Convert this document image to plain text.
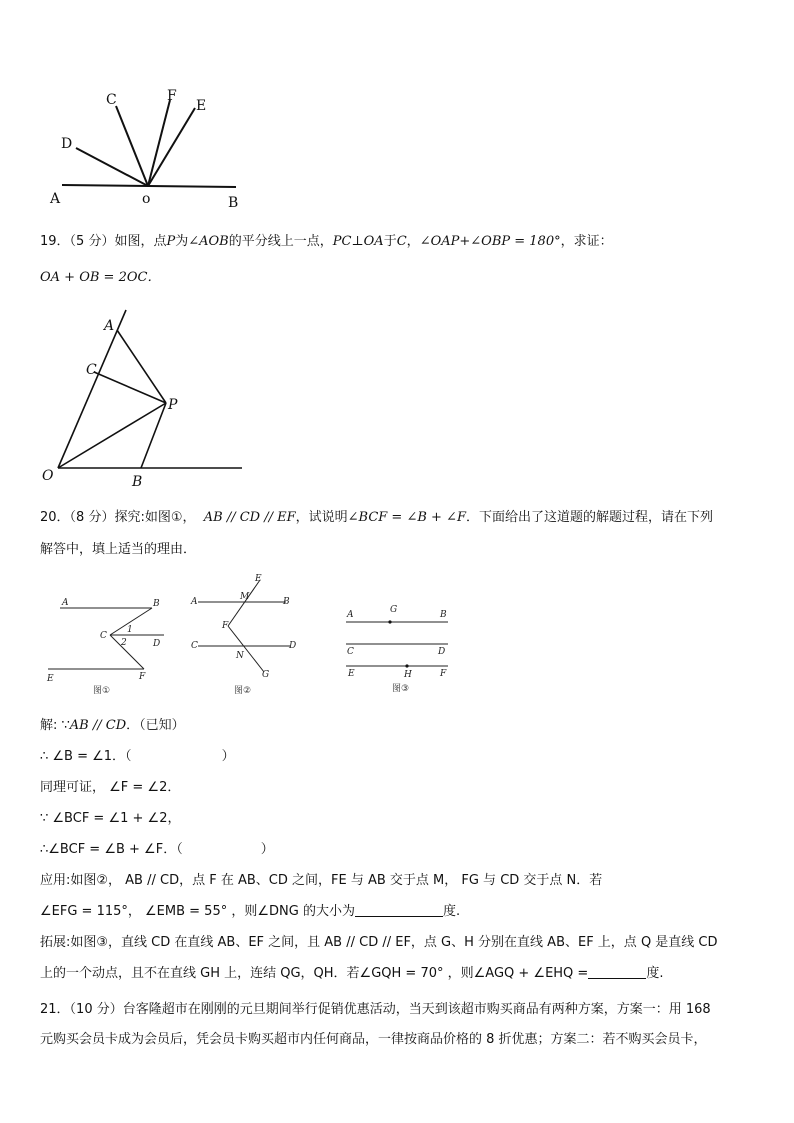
A	o	B
D
C	F
E
19．（5 分）如图，点P为∠AOB的平分线上一点，PC⊥OA于C，∠OAP+∠OBP = 180°，求证：
OA + OB = 2OC．
A
C
P
O	B
20．（8 分）探究:如图①， AB // CD // EF，试说明∠BCF = ∠B + ∠F．下面给出了这道题的解题过程，请在下列
解答中，填上适当的理由．
A	B
C
D
E	F
1
2
图①
A	B
C	D
E
M
F
N
G
图②
A	G	B
C	D
E	H	F
图③
解: ∵AB // CD．（已知）
∴ ∠B = ∠1．（	）
同理可证， ∠F = ∠2．
∵ ∠BCF = ∠1 + ∠2，
∴∠BCF = ∠B + ∠F．（	）
应用:如图②， AB // CD，点 F 在 AB、CD 之间，FE 与 AB 交于点 M， FG 与 CD 交于点 N．若
∠EFG = 115°， ∠EMB = 55° ，则∠DNG 的大小为	度.
拓展:如图③，直线 CD 在直线 AB、EF 之间，且 AB // CD // EF，点 G、H 分别在直线 AB、EF 上，点 Q 是直线 CD
上的一个动点，且不在直线 GH 上，连结 QG，QH．若∠GQH = 70° ，则∠AGQ + ∠EHQ =	度.
21．（10 分）台客隆超市在刚刚的元旦期间举行促销优惠活动，当天到该超市购买商品有两种方案，方案一：用 168
元购买会员卡成为会员后，凭会员卡购买超市内任何商品，一律按商品价格的 8 折优惠；方案二：若不购买会员卡，
